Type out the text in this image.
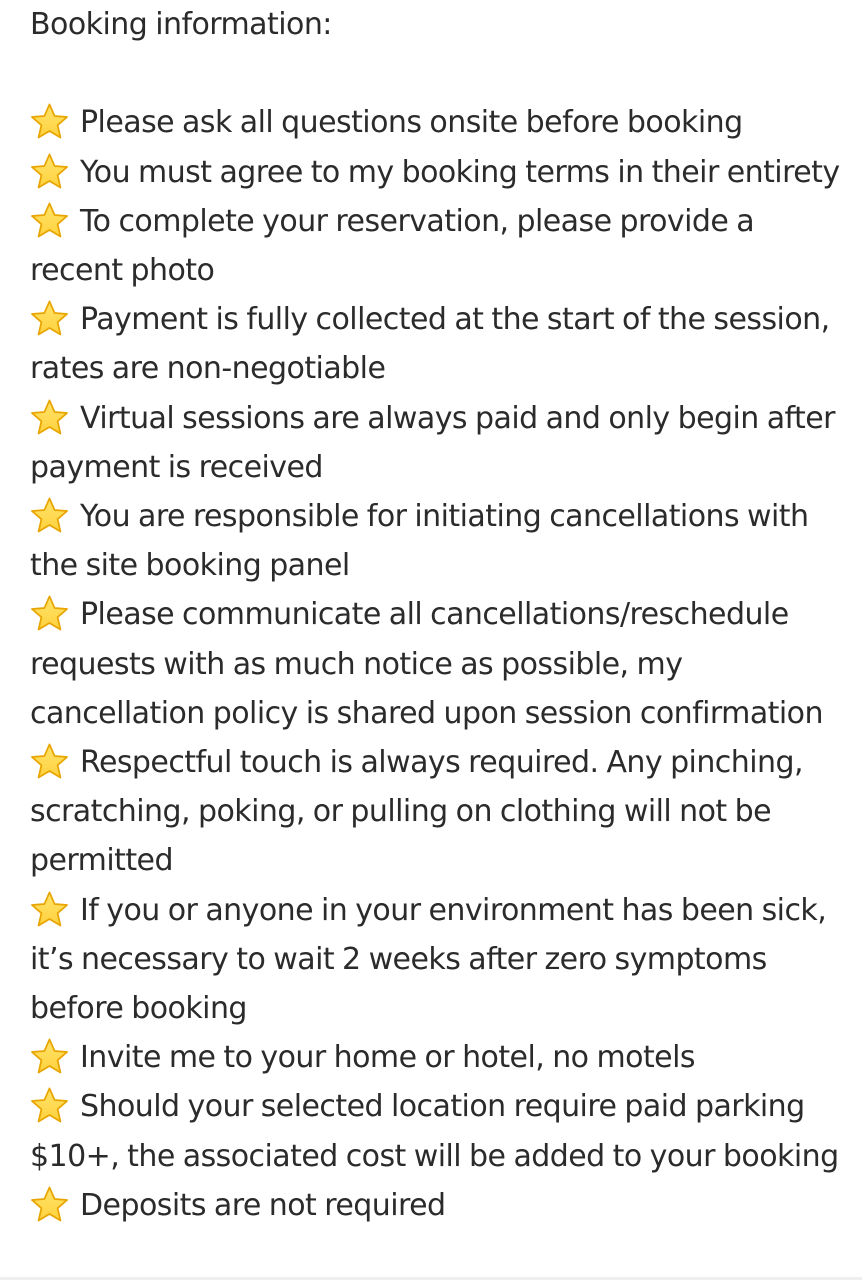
Booking information:
Please ask all questions onsite before booking
You must agree to my booking terms in their entirety
To complete your reservation, please provide a recent photo
Payment is fully collected at the start of the session, rates are non-negotiable
Virtual sessions are always paid and only begin after payment is received
You are responsible for initiating cancellations with the site booking panel
Please communicate all cancellations/reschedule requests with as much notice as possible, my cancellation policy is shared upon session confirmation
Respectful touch is always required. Any pinching, scratching, poking, or pulling on clothing will not be permitted
If you or anyone in your environment has been sick, it’s necessary to wait 2 weeks after zero symptoms before booking
Invite me to your home or hotel, no motels
Should your selected location require paid parking $10+, the associated cost will be added to your booking
Deposits are not required
